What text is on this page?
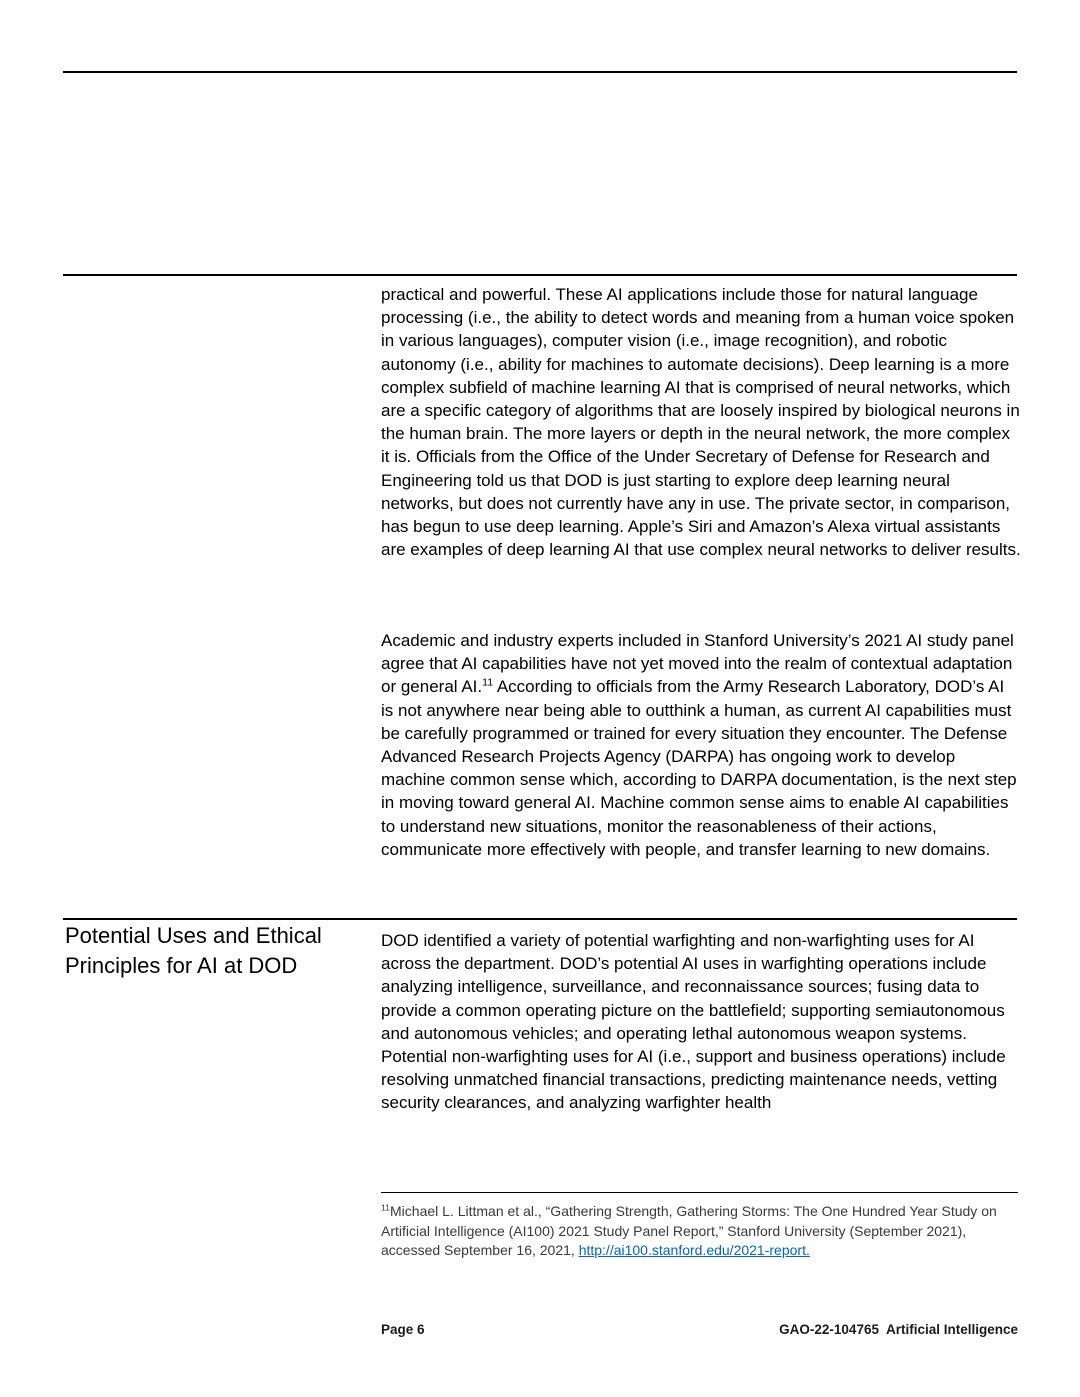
practical and powerful. These AI applications include those for natural language processing (i.e., the ability to detect words and meaning from a human voice spoken in various languages), computer vision (i.e., image recognition), and robotic autonomy (i.e., ability for machines to automate decisions). Deep learning is a more complex subfield of machine learning AI that is comprised of neural networks, which are a specific category of algorithms that are loosely inspired by biological neurons in the human brain. The more layers or depth in the neural network, the more complex it is. Officials from the Office of the Under Secretary of Defense for Research and Engineering told us that DOD is just starting to explore deep learning neural networks, but does not currently have any in use. The private sector, in comparison, has begun to use deep learning. Apple’s Siri and Amazon’s Alexa virtual assistants are examples of deep learning AI that use complex neural networks to deliver results.
Academic and industry experts included in Stanford University’s 2021 AI study panel agree that AI capabilities have not yet moved into the realm of contextual adaptation or general AI.$^{11}$ According to officials from the Army Research Laboratory, DOD’s AI is not anywhere near being able to outthink a human, as current AI capabilities must be carefully programmed or trained for every situation they encounter. The Defense Advanced Research Projects Agency (DARPA) has ongoing work to develop machine common sense which, according to DARPA documentation, is the next step in moving toward general AI. Machine common sense aims to enable AI capabilities to understand new situations, monitor the reasonableness of their actions, communicate more effectively with people, and transfer learning to new domains.
Potential Uses and Ethical Principles for AI at DOD
DOD identified a variety of potential warfighting and non-warfighting uses for AI across the department. DOD’s potential AI uses in warfighting operations include analyzing intelligence, surveillance, and reconnaissance sources; fusing data to provide a common operating picture on the battlefield; supporting semiautonomous and autonomous vehicles; and operating lethal autonomous weapon systems. Potential non-warfighting uses for AI (i.e., support and business operations) include resolving unmatched financial transactions, predicting maintenance needs, vetting security clearances, and analyzing warfighter health
$^{11}$Michael L. Littman et al., “Gathering Strength, Gathering Storms: The One Hundred Year Study on Artificial Intelligence (AI100) 2021 Study Panel Report,” Stanford University (September 2021), accessed September 16, 2021, http://ai100.stanford.edu/2021-report.
Page 6	GAO-22-104765  Artificial Intelligence
